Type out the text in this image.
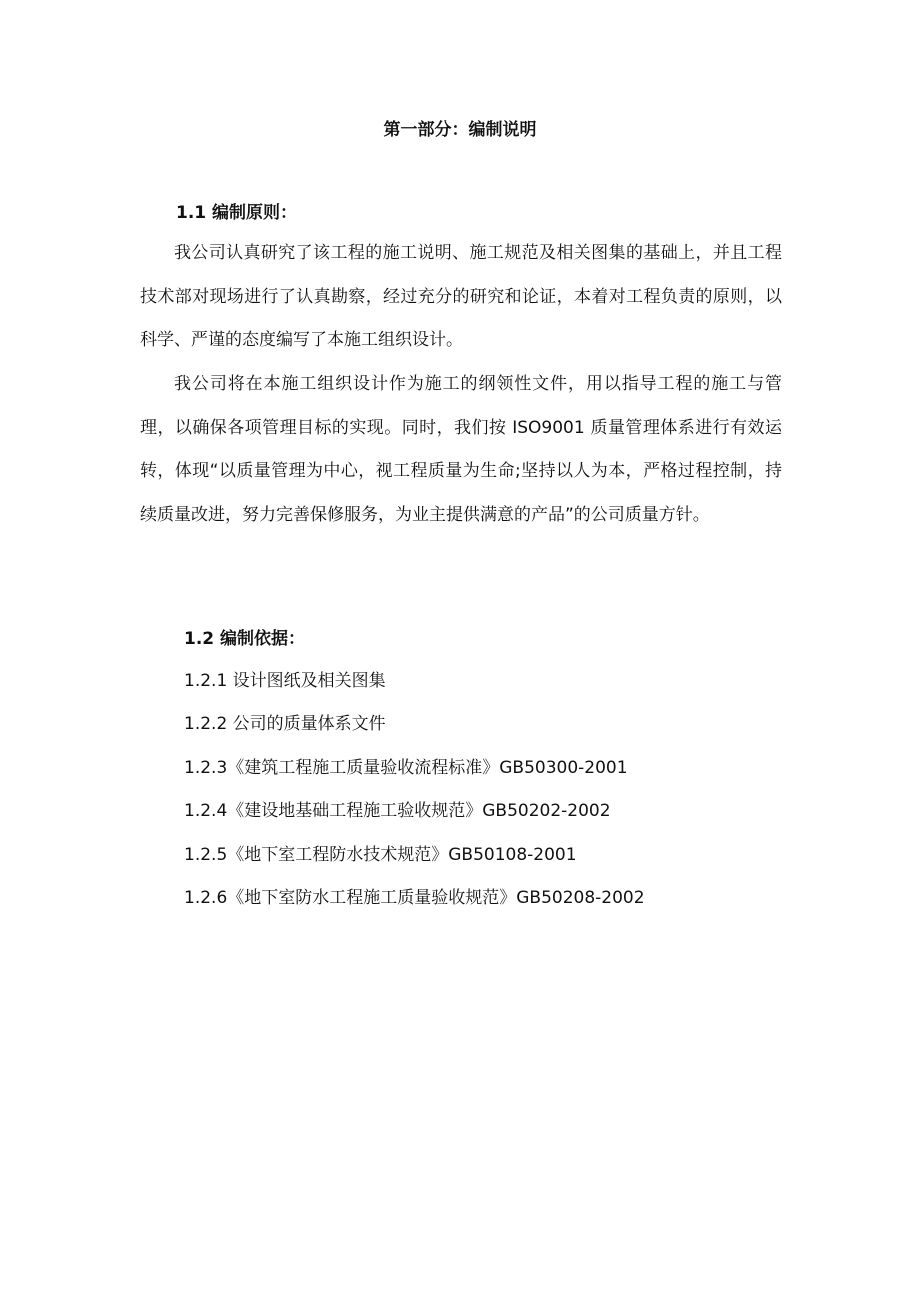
第一部分：编制说明
1.1 编制原则：

我公司认真研究了该工程的施工说明、施工规范及相关图集的基础上，并且工程技术部对现场进行了认真勘察，经过充分的研究和论证，本着对工程负责的原则，以科学、严谨的态度编写了本施工组织设计。

我公司将在本施工组织设计作为施工的纲领性文件，用以指导工程的施工与管理，以确保各项管理目标的实现。同时，我们按 ISO9001 质量管理体系进行有效运转，体现“以质量管理为中心，视工程质量为生命;坚持以人为本，严格过程控制，持续质量改进，努力完善保修服务，为业主提供满意的产品”的公司质量方针。

1.2 编制依据：
1.2.1 设计图纸及相关图集
1.2.2 公司的质量体系文件
1.2.3《建筑工程施工质量验收流程标准》GB50300-2001
1.2.4《建设地基础工程施工验收规范》GB50202-2002
1.2.5《地下室工程防水技术规范》GB50108-2001
1.2.6《地下室防水工程施工质量验收规范》GB50208-2002
